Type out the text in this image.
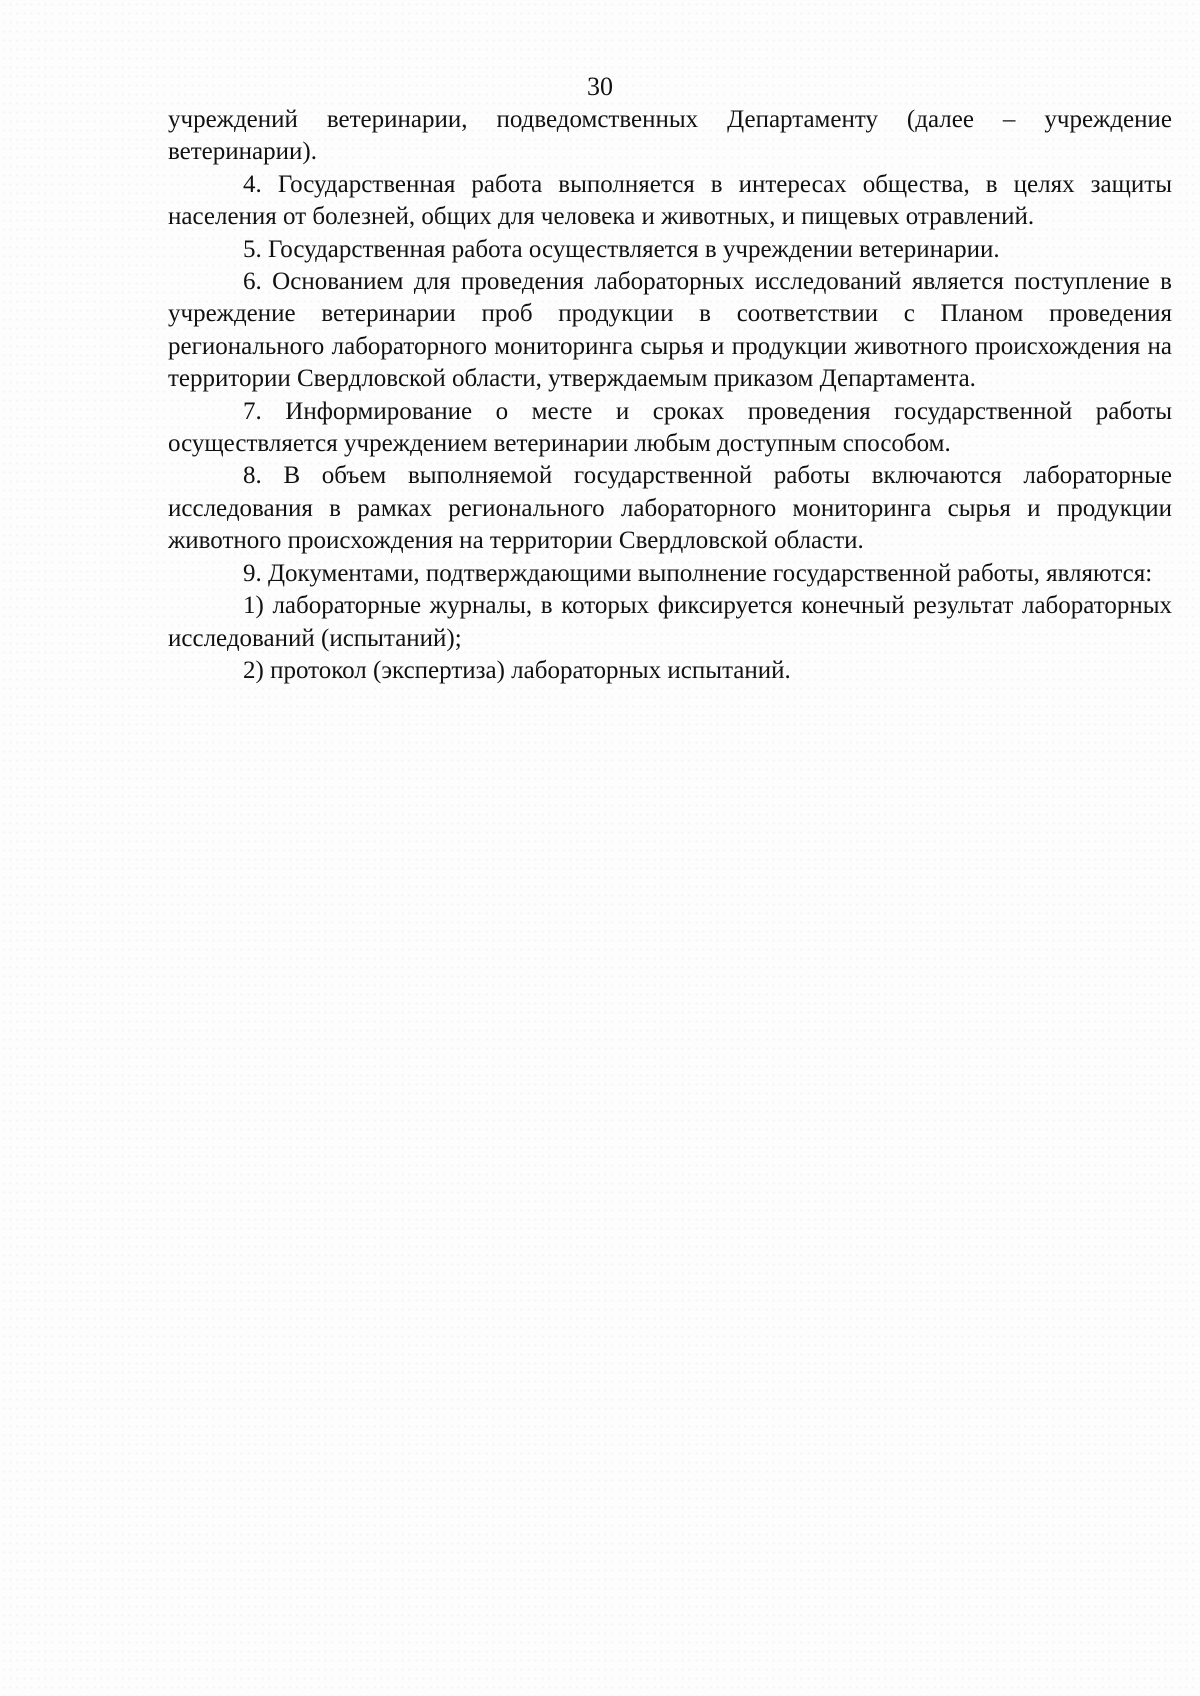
30

учреждений ветеринарии, подведомственных Департаменту (далее – учреждение ветеринарии).

4. Государственная работа выполняется в интересах общества, в целях защиты населения от болезней, общих для человека и животных, и пищевых отравлений.

5. Государственная работа осуществляется в учреждении ветеринарии.

6. Основанием для проведения лабораторных исследований является поступление в учреждение ветеринарии проб продукции в соответствии с Планом проведения регионального лабораторного мониторинга сырья и продукции животного происхождения на территории Свердловской области, утверждаемым приказом Департамента.

7. Информирование о месте и сроках проведения государственной работы осуществляется учреждением ветеринарии любым доступным способом.

8. В объем выполняемой государственной работы включаются лабораторные исследования в рамках регионального лабораторного мониторинга сырья и продукции животного происхождения на территории Свердловской области.

9. Документами, подтверждающими выполнение государственной работы, являются:

1) лабораторные журналы, в которых фиксируется конечный результат лабораторных исследований (испытаний);

2) протокол (экспертиза) лабораторных испытаний.
